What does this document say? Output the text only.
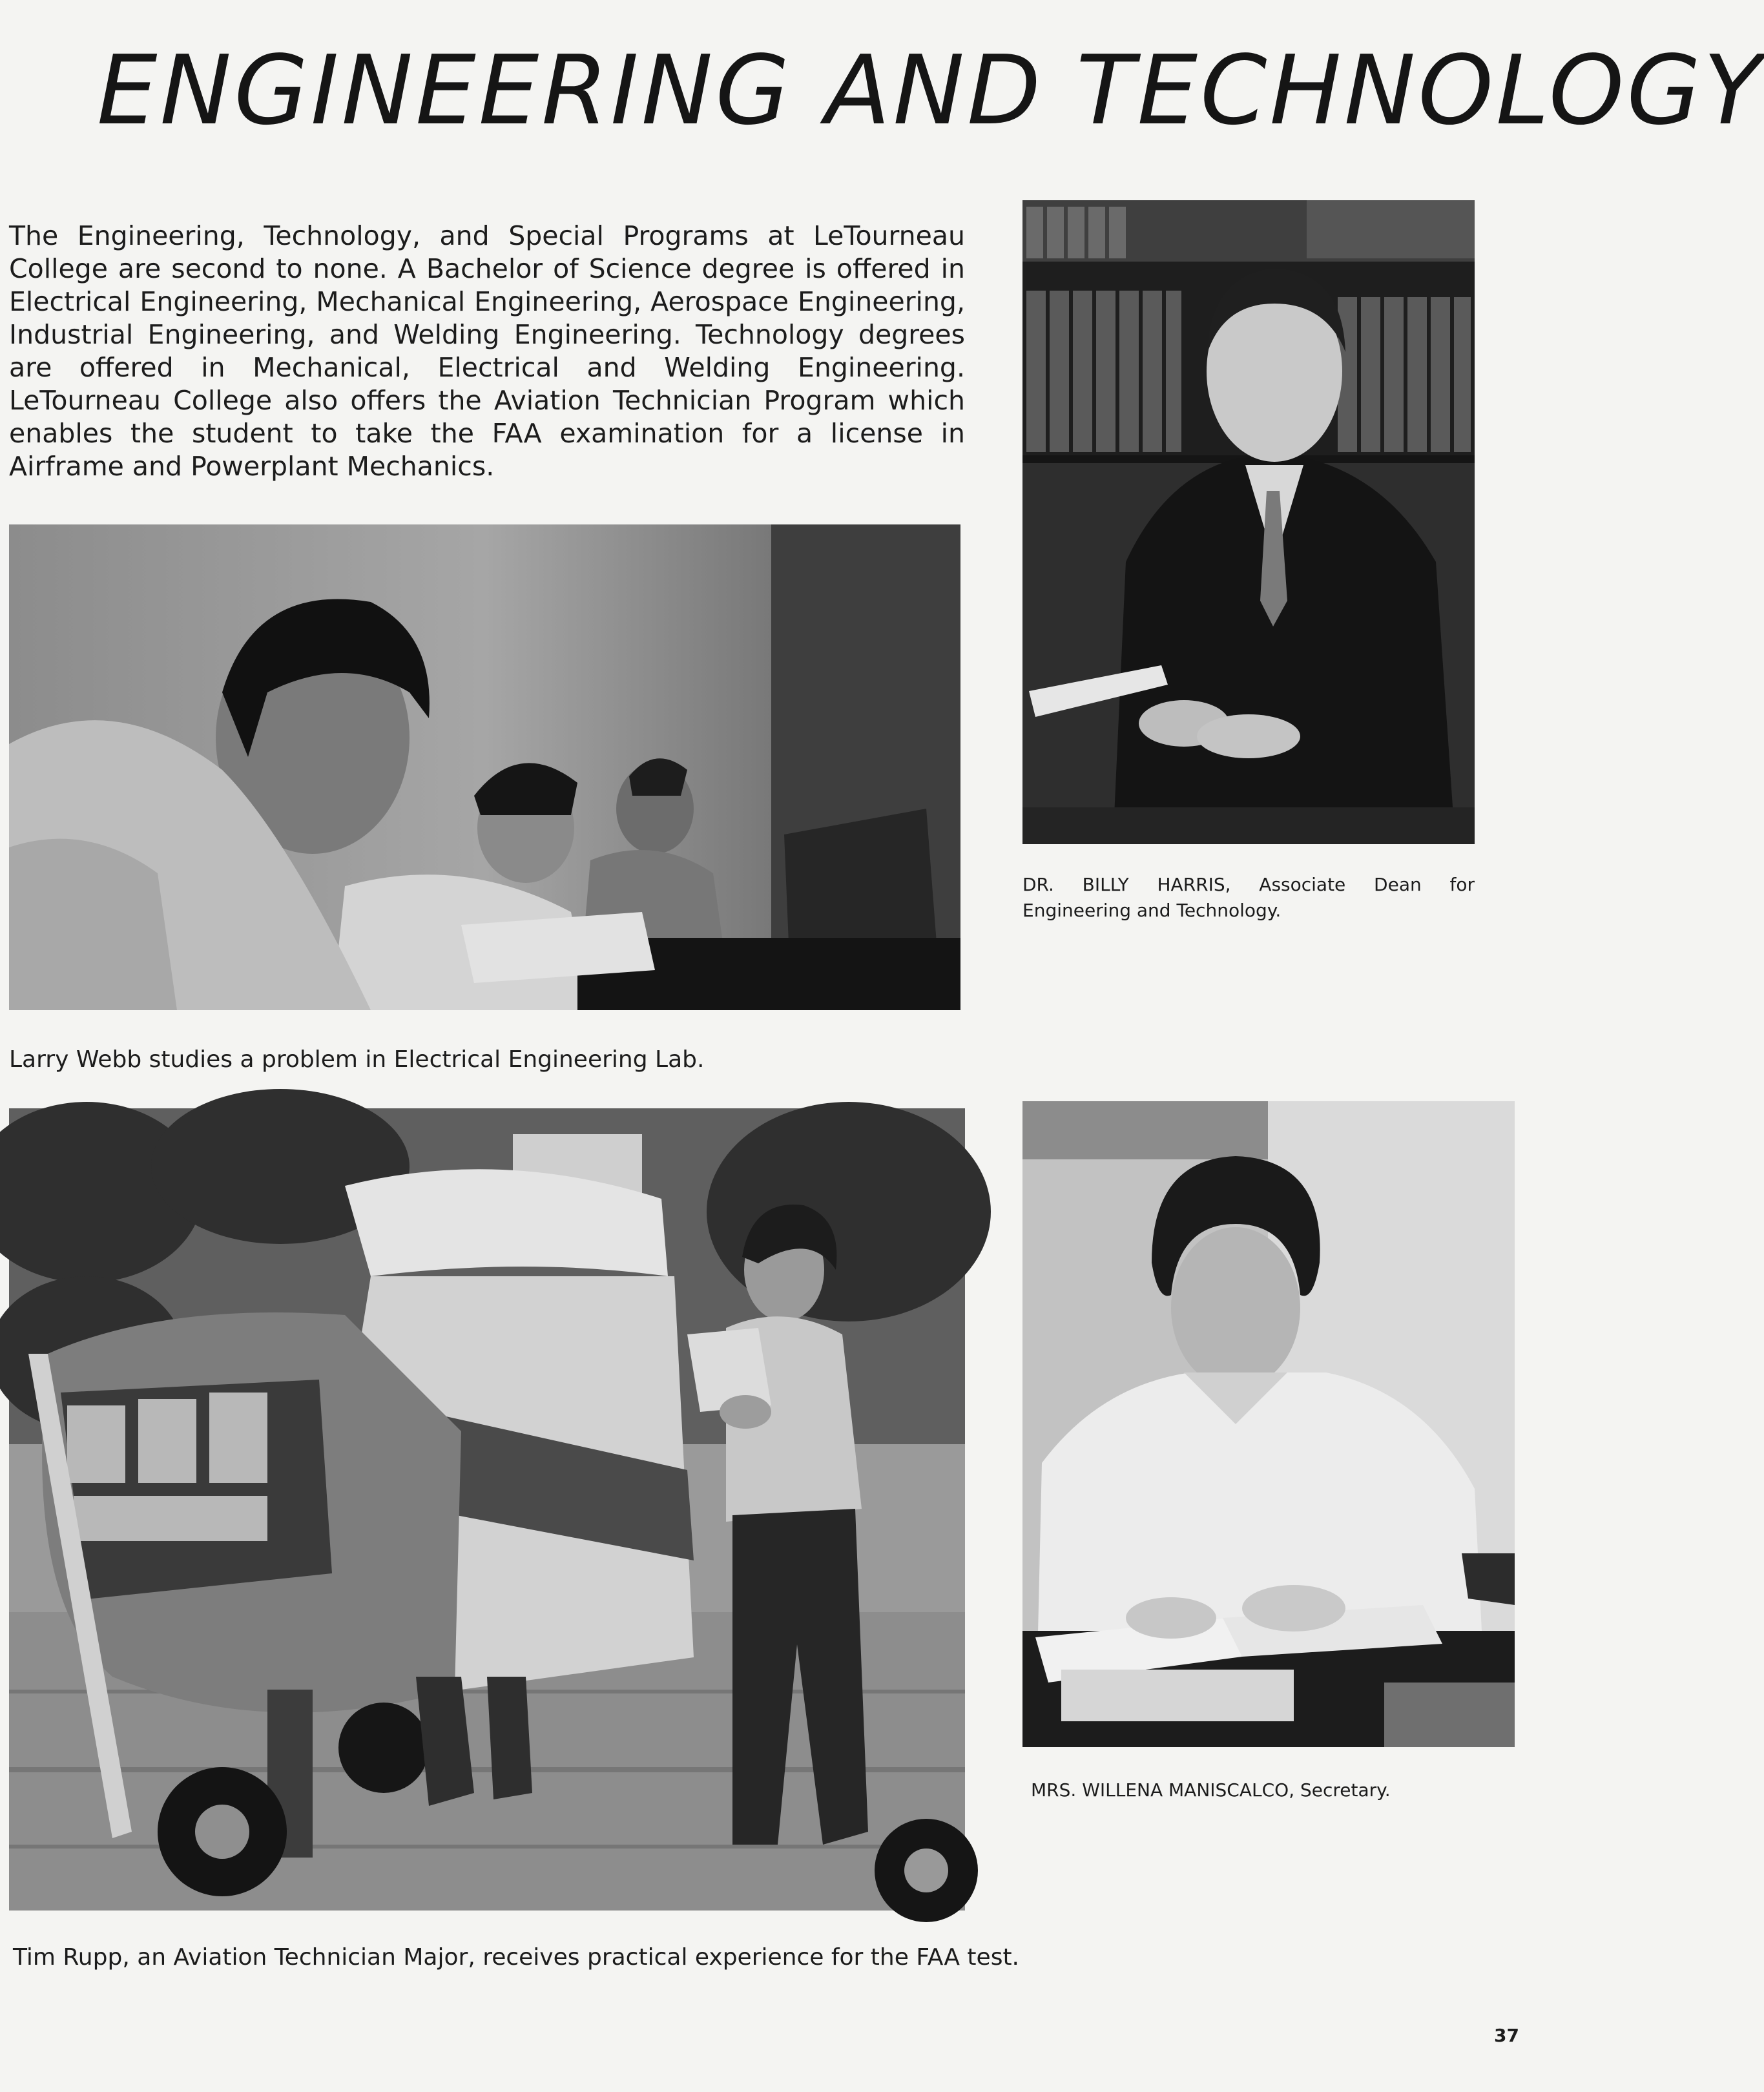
ENGINEERING AND TECHNOLOGY

The Engineering, Technology, and Special Programs at LeTourneau College are second to none. A Bachelor of Science degree is offered in Electrical Engineering, Mechanical Engineering, Aerospace Engineering, Industrial Engineering, and Welding Engineering. Technology degrees are offered in Mechanical, Electrical and Welding Engineering. LeTourneau College also offers the Aviation Technician Program which enables the student to take the FAA examination for a license in Airframe and Powerplant Mechanics.

DR. BILLY HARRIS, Associate Dean for Engineering and Technology.

Larry Webb studies a problem in Electrical Engineering Lab.

Tim Rupp, an Aviation Technician Major, receives practical experience for the FAA test.

MRS. WILLENA MANISCALCO, Secretary.

37
